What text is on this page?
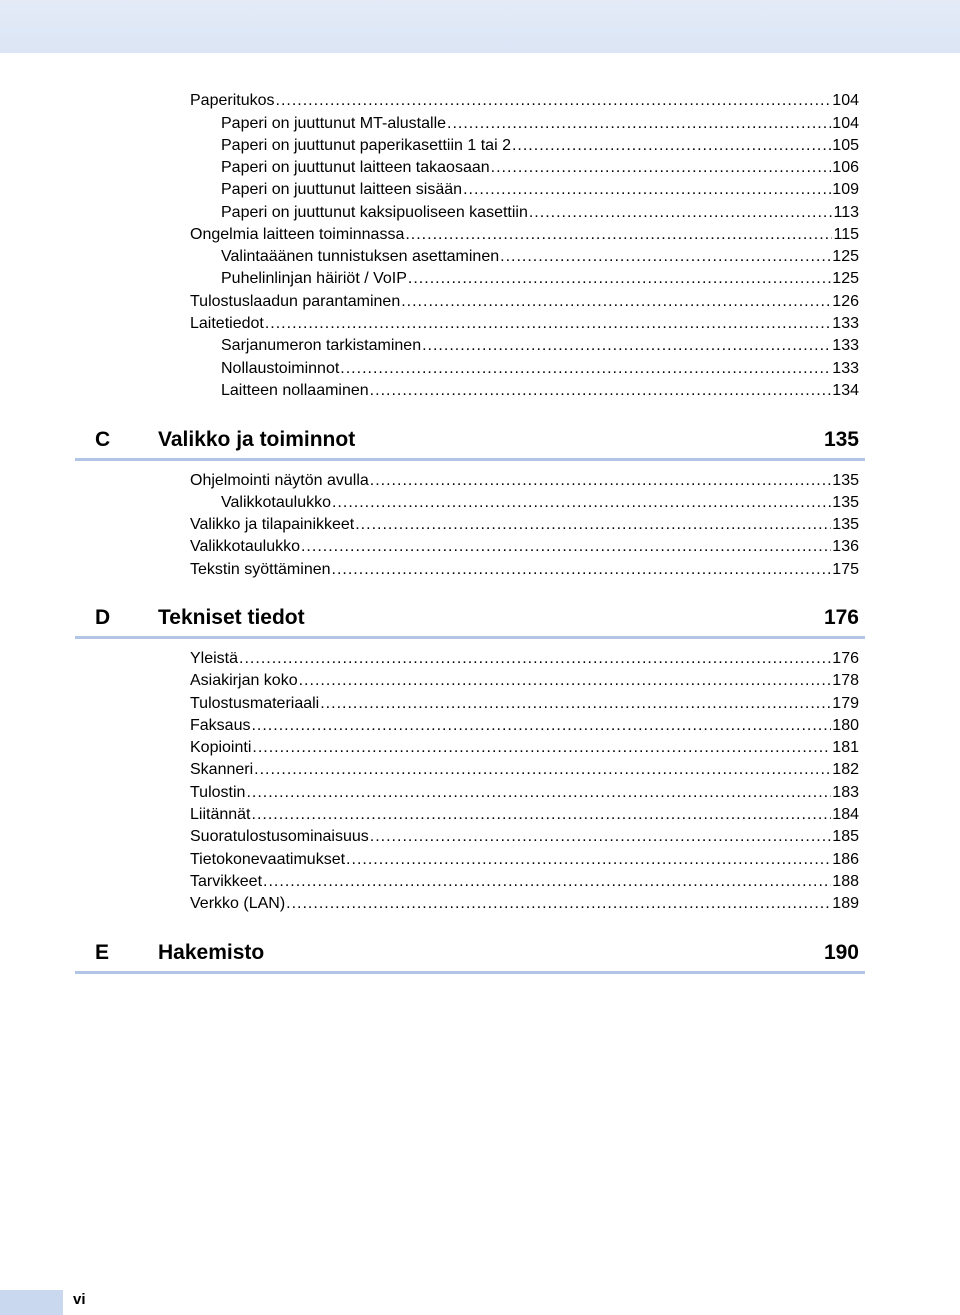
Paperitukos .....	104
Paperi on juuttunut MT-alustalle .....	104
Paperi on juuttunut paperikasettiin 1 tai 2 .....	105
Paperi on juuttunut laitteen takaosaan .....	106
Paperi on juuttunut laitteen sisään .....	109
Paperi on juuttunut kaksipuoliseen kasettiin .....	113
Ongelmia laitteen toiminnassa .....	115
Valintaäänen tunnistuksen asettaminen .....	125
Puhelinlinjan häiriöt / VoIP .....	125
Tulostuslaadun parantaminen .....	126
Laitetiedot .....	133
Sarjanumeron tarkistaminen .....	133
Nollaustoiminnot .....	133
Laitteen nollaaminen .....	134
C Valikko ja toiminnot	135
Ohjelmointi näytön avulla .....	135
Valikkotaulukko .....	135
Valikko ja tilapainikkeet .....	135
Valikkotaulukko .....	136
Tekstin syöttäminen .....	175
D Tekniset tiedot	176
Yleistä .....	176
Asiakirjan koko .....	178
Tulostusmateriaali .....	179
Faksaus .....	180
Kopiointi .....	181
Skanneri .....	182
Tulostin .....	183
Liitännät .....	184
Suoratulostusominaisuus .....	185
Tietokonevaatimukset .....	186
Tarvikkeet .....	188
Verkko (LAN) .....	189
E Hakemisto	190
vi
